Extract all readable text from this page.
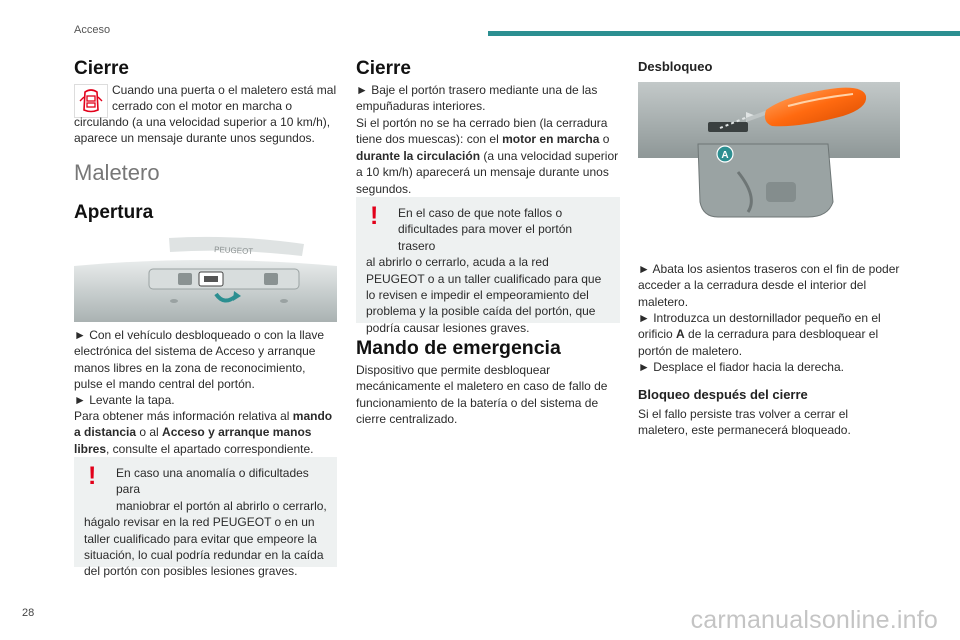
Acceso
Cierre

Cuando una puerta o el maletero está mal

cerrado con el motor en marcha o

circulando (a una velocidad superior a 10 km/h), aparece un mensaje durante unos segundos.

Maletero
Apertura
PEUGEOT

► Con el vehículo desbloqueado o con la llave electrónica del sistema de Acceso y arranque manos libres en la zona de reconocimiento, pulse el mando central del portón.

► Levante la tapa.

Para obtener más información relativa al mando a distancia o al Acceso y arranque manos libres, consulte el apartado correspondiente.

!	En caso una anomalía o dificultades para

maniobrar el portón al abrirlo o cerrarlo,

hágalo revisar en la red PEUGEOT o en un taller cualificado para evitar que empeore la situación, lo cual podría redundar en la caída del portón con posibles lesiones graves.

Cierre

► Baje el portón trasero mediante una de las empuñaduras interiores.

Si el portón no se ha cerrado bien (la cerradura tiene dos muescas): con el motor en marcha o durante la circulación (a una velocidad superior a 10 km/h) aparecerá un mensaje durante unos segundos.

!	En el caso de que note fallos o

dificultades para mover el portón trasero

al abrirlo o cerrarlo, acuda a la red PEUGEOT o a un taller cualificado para que lo revisen e impedir el empeoramiento del problema y la posible caída del portón, que podría causar lesiones graves.

Mando de emergencia

Dispositivo que permite desbloquear mecánicamente el maletero en caso de fallo de funcionamiento de la batería o del sistema de cierre centralizado.

Desbloqueo
A

► Abata los asientos traseros con el fin de poder acceder a la cerradura desde el interior del maletero.

► Introduzca un destornillador pequeño en el orificio A de la cerradura para desbloquear el portón de maletero.

► Desplace el fiador hacia la derecha.

Bloqueo después del cierre

Si el fallo persiste tras volver a cerrar el maletero, este permanecerá bloqueado.

28	carmanualsonline.info
